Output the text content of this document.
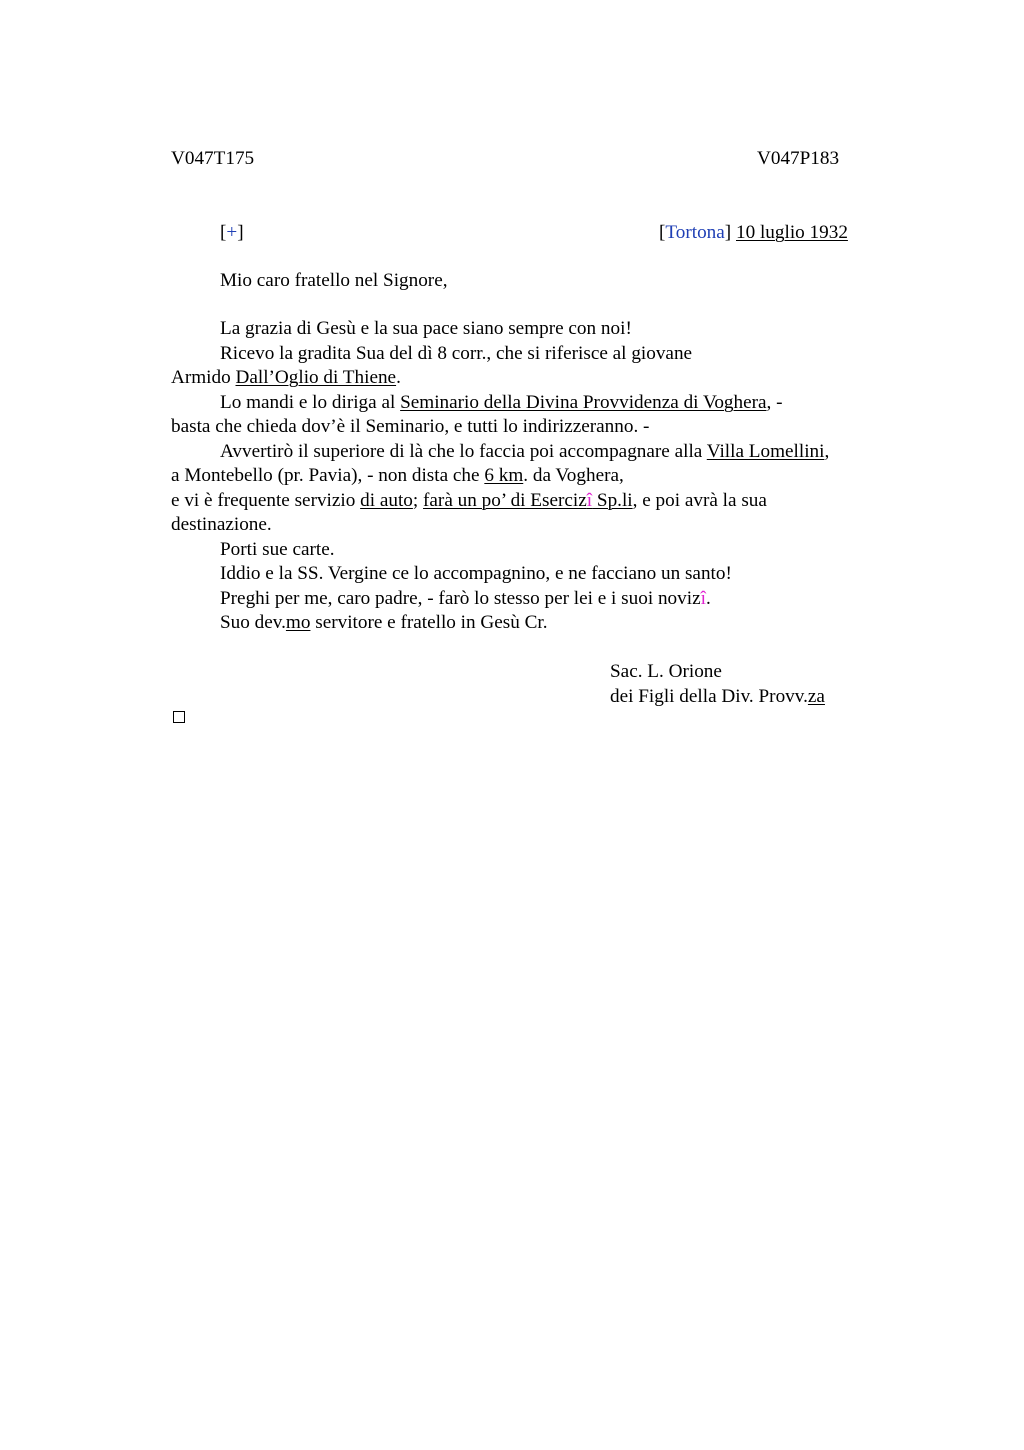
V047T175	V047P183
[+]	[Tortona] 10 luglio 1932
Mio caro fratello nel Signore,
La grazia di Gesù e la sua pace siano sempre con noi!
Ricevo la gradita Sua del dì 8 corr., che si riferisce al giovane
Armido Dall’Oglio di Thiene.
Lo mandi e lo diriga al Seminario della Divina Provvidenza di Voghera, -
basta che chieda dov’è il Seminario, e tutti lo indirizzeranno. -
Avvertirò il superiore di là che lo faccia poi accompagnare alla Villa Lomellini,
a Montebello (pr. Pavia), - non dista che 6 km. da Voghera,
e vi è frequente servizio di auto; farà un po’ di Esercizî Sp.li, e poi avrà la sua
destinazione.
Porti sue carte.
Iddio e la SS. Vergine ce lo accompagnino, e ne facciano un santo!
Preghi per me, caro padre, - farò lo stesso per lei e i suoi novizî.
Suo dev.mo servitore e fratello in Gesù Cr.
Sac. L. Orione
dei Figli della Div. Provv.za
